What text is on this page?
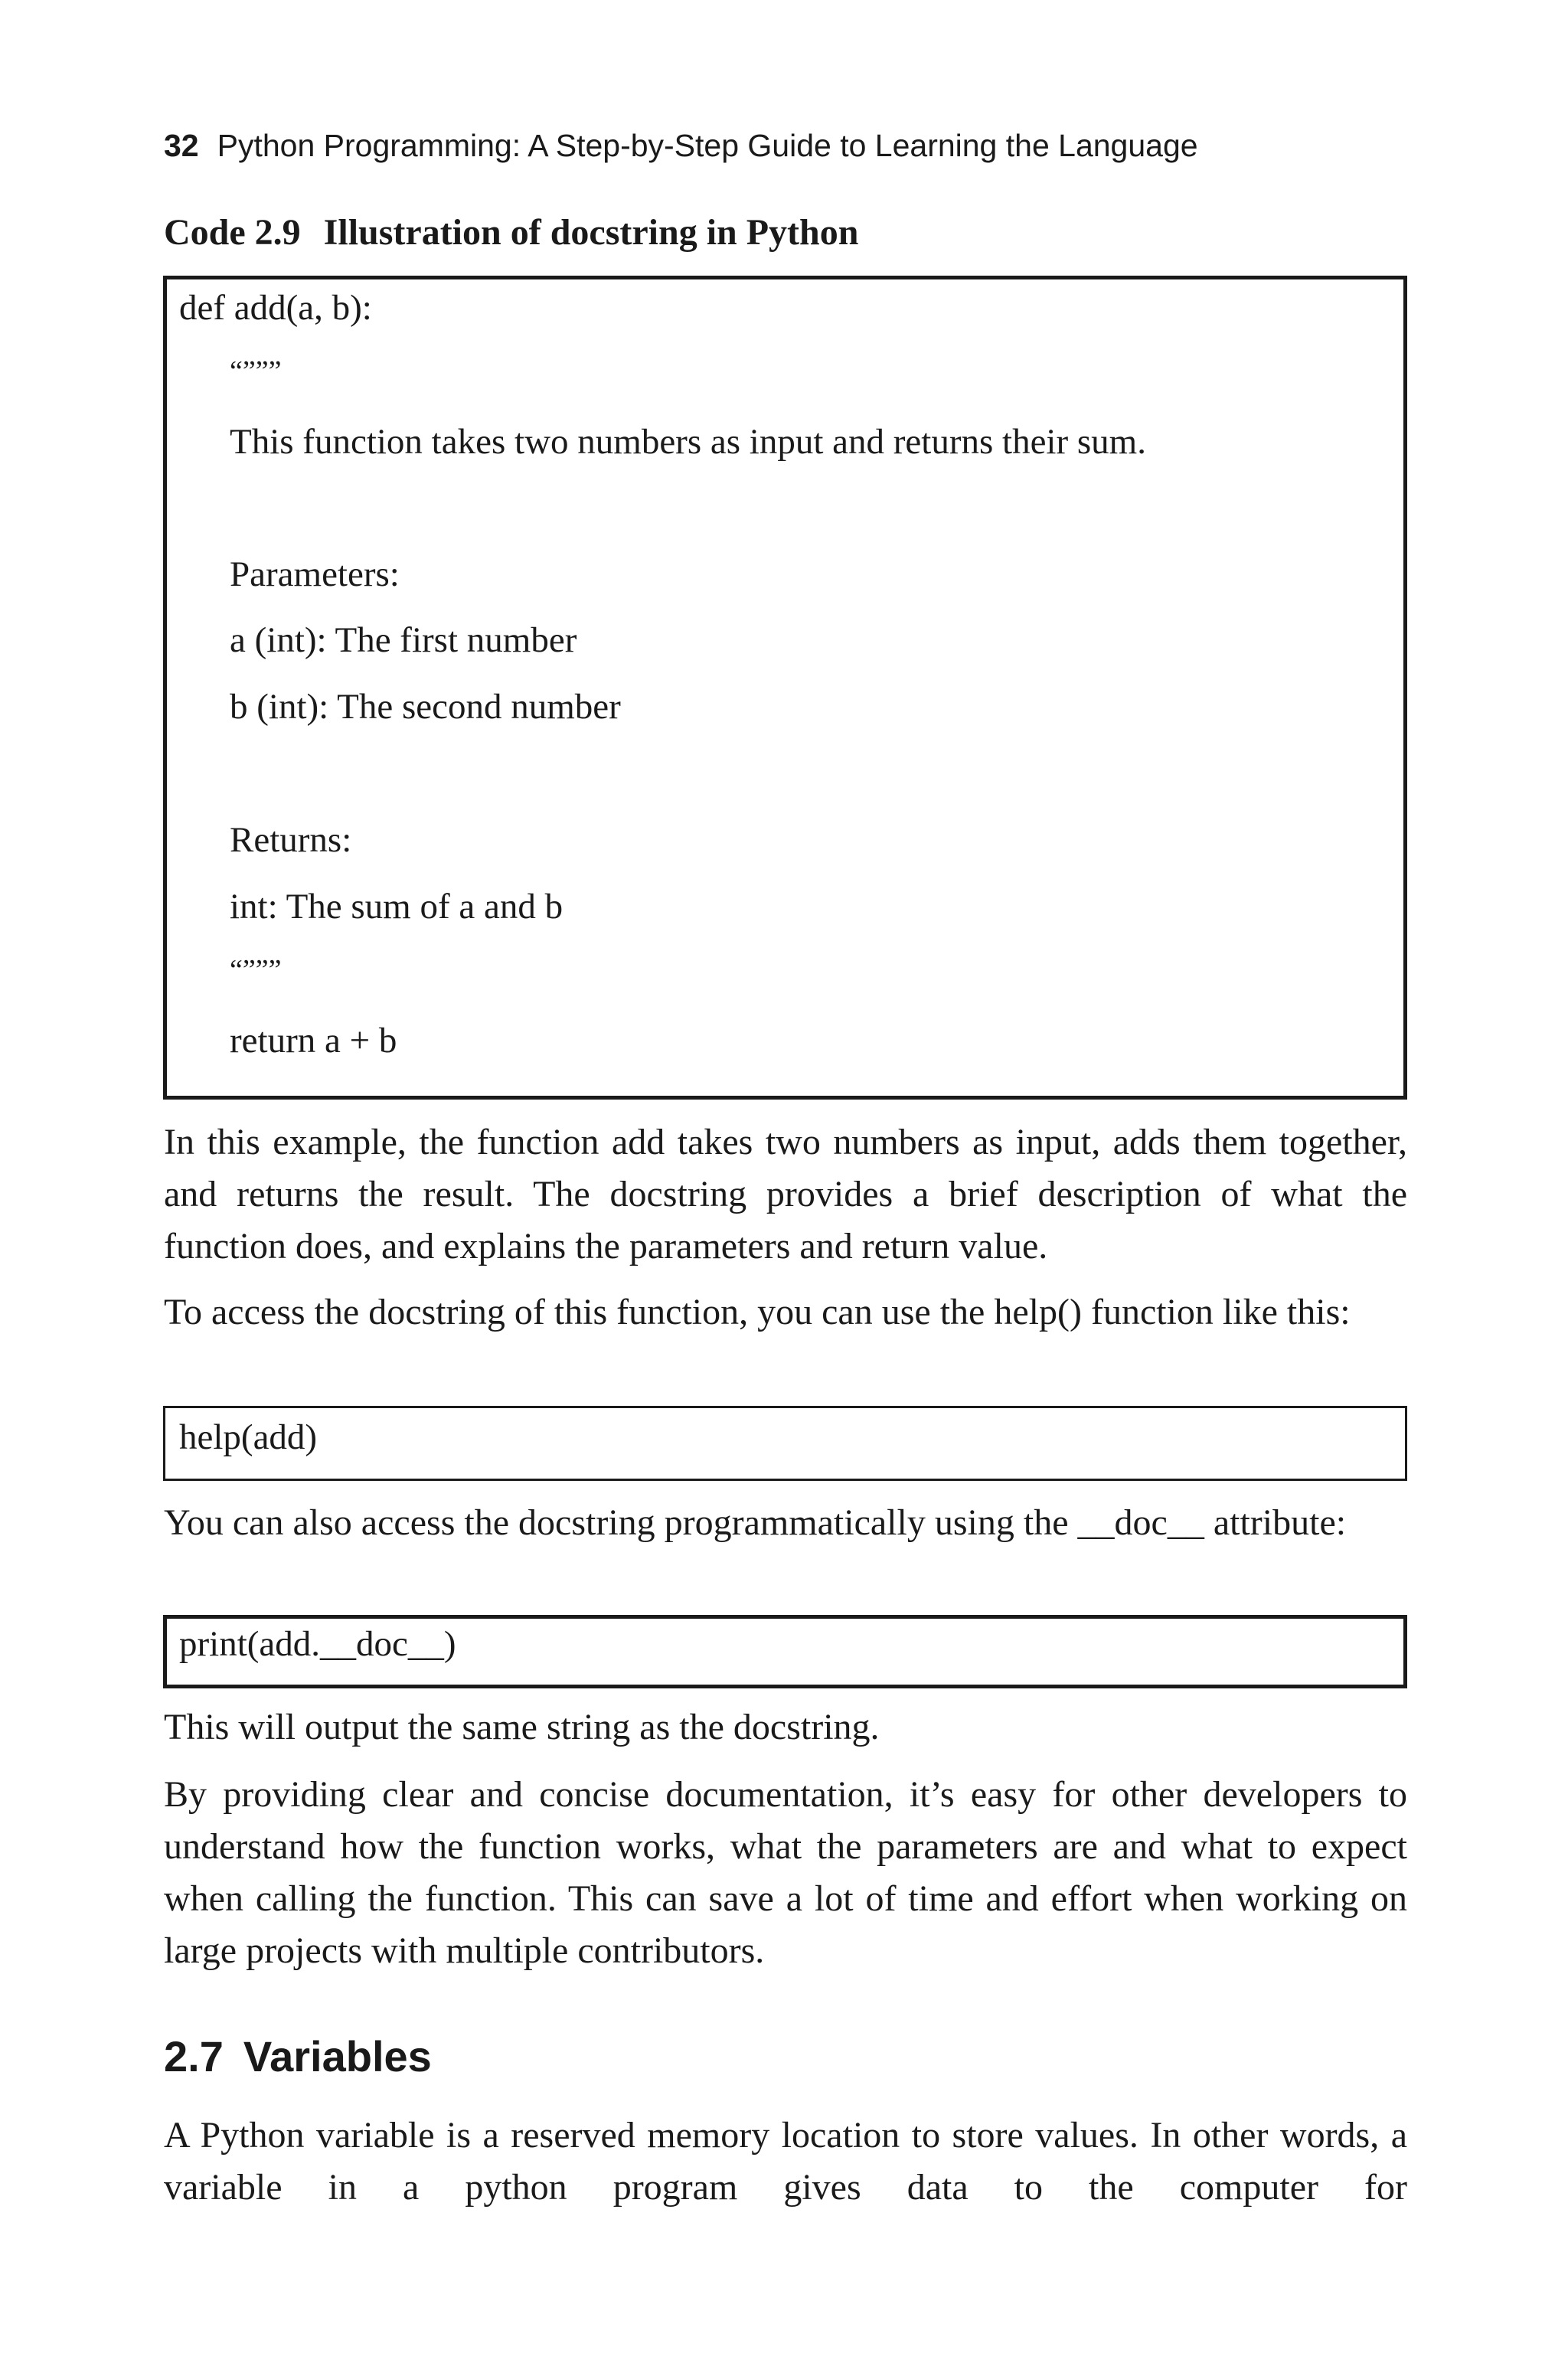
32 Python Programming: A Step-by-Step Guide to Learning the Language
Code 2.9 Illustration of docstring in Python
def add(a, b):
“”””
This function takes two numbers as input and returns their sum.
Parameters:
a (int): The first number
b (int): The second number
Returns:
int: The sum of a and b
“”””
return a + b
In this example, the function add takes two numbers as input, adds them together, and returns the result. The docstring provides a brief description of what the function does, and explains the parameters and return value.
To access the docstring of this function, you can use the help() function like this:
help(add)
You can also access the docstring programmatically using the __doc__ attribute:
print(add.__doc__)
This will output the same string as the docstring.
By providing clear and concise documentation, it’s easy for other developers to understand how the function works, what the parameters are and what to expect when calling the function. This can save a lot of time and effort when working on large projects with multiple contributors.
2.7 Variables
A Python variable is a reserved memory location to store values. In other words, a variable in a python program gives data to the computer for
